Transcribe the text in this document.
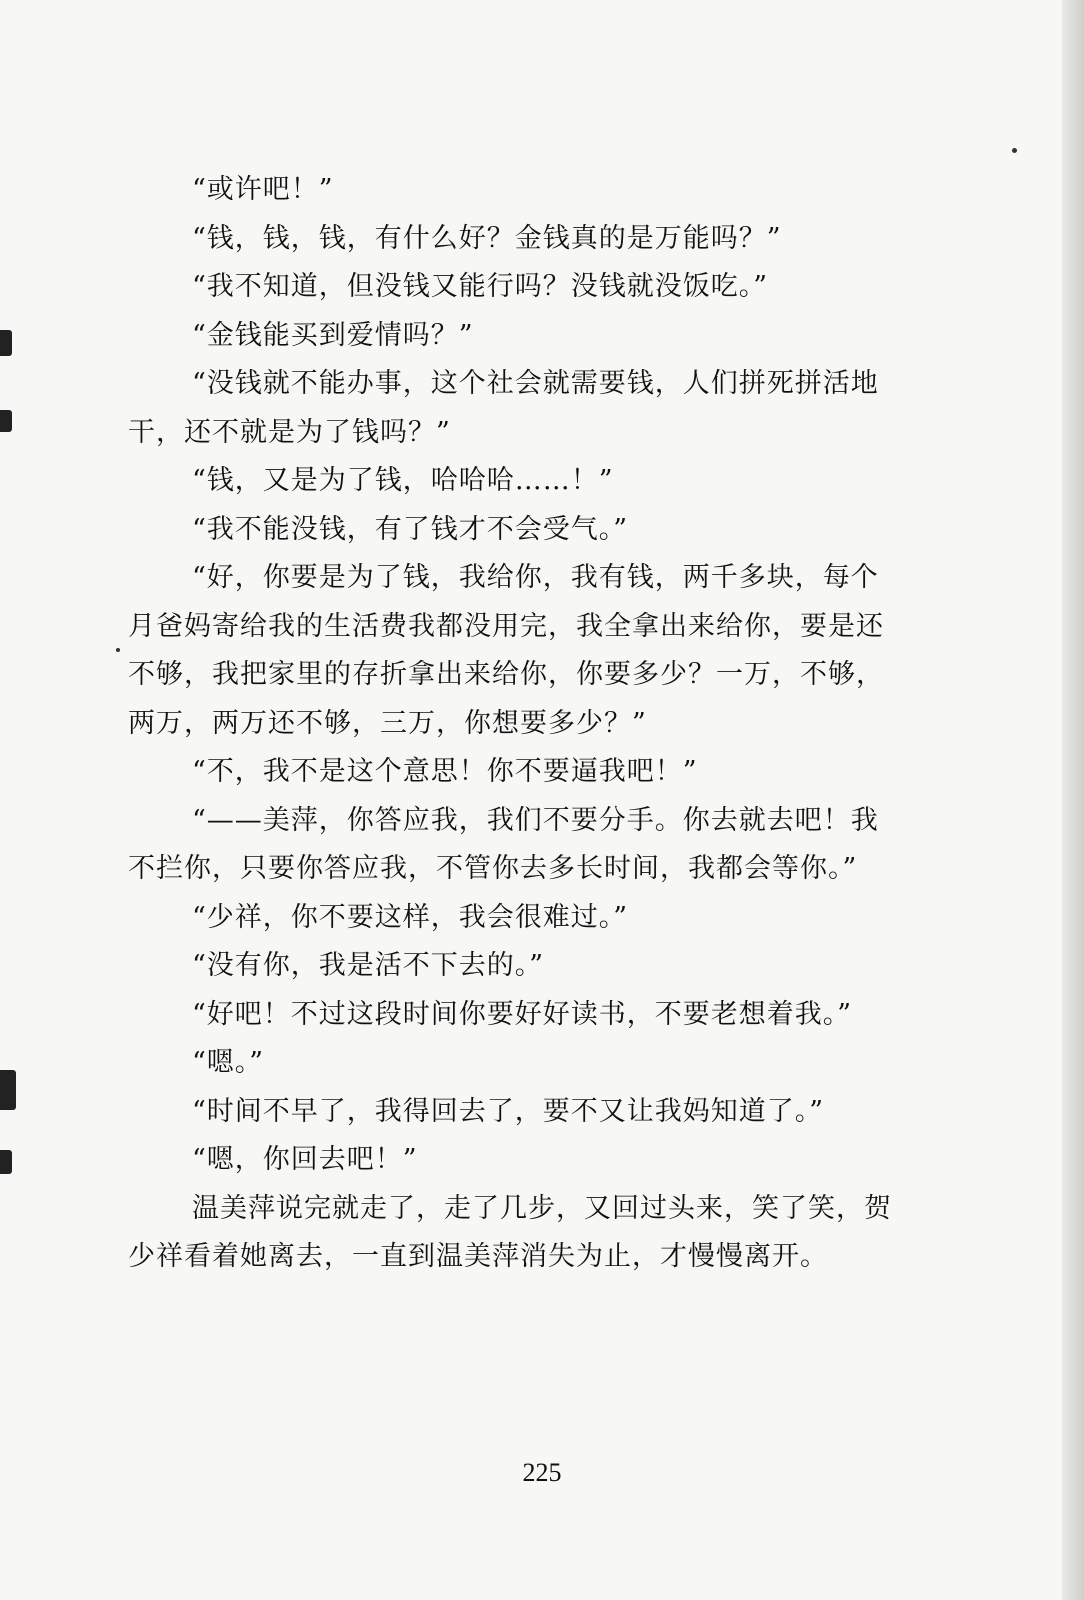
“或许吧！”
“钱，钱，钱，有什么好？金钱真的是万能吗？”
“我不知道，但没钱又能行吗？没钱就没饭吃。”
“金钱能买到爱情吗？”
“没钱就不能办事，这个社会就需要钱，人们拼死拼活地
干，还不就是为了钱吗？”
“钱，又是为了钱，哈哈哈……！”
“我不能没钱，有了钱才不会受气。”
“好，你要是为了钱，我给你，我有钱，两千多块，每个
月爸妈寄给我的生活费我都没用完，我全拿出来给你，要是还
不够，我把家里的存折拿出来给你，你要多少？一万，不够，
两万，两万还不够，三万，你想要多少？”
“不，我不是这个意思！你不要逼我吧！”
“——美萍，你答应我，我们不要分手。你去就去吧！我
不拦你，只要你答应我，不管你去多长时间，我都会等你。”
“少祥，你不要这样，我会很难过。”
“没有你，我是活不下去的。”
“好吧！不过这段时间你要好好读书，不要老想着我。”
“嗯。”
“时间不早了，我得回去了，要不又让我妈知道了。”
“嗯，你回去吧！”
温美萍说完就走了，走了几步，又回过头来，笑了笑，贺
少祥看着她离去，一直到温美萍消失为止，才慢慢离开。
225
